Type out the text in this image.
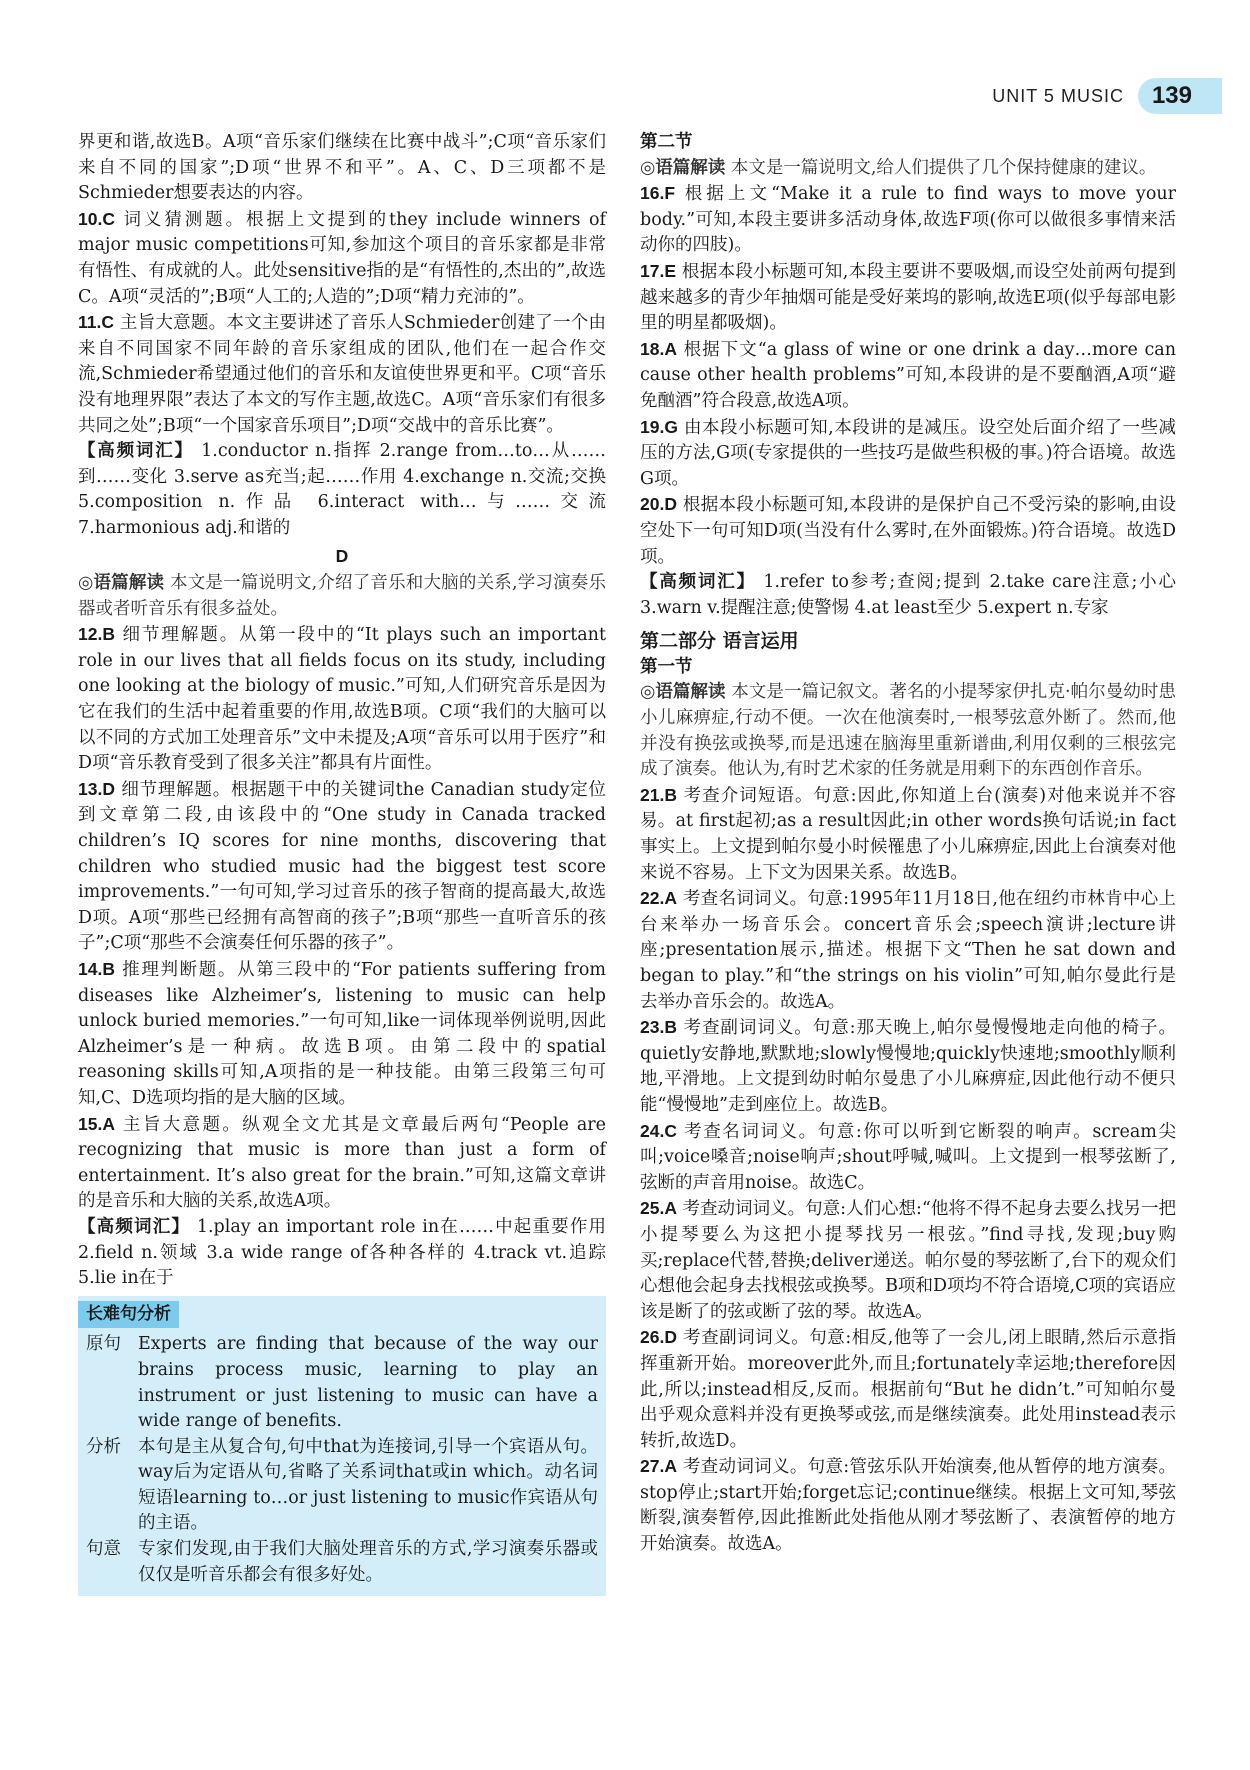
UNIT 5 MUSIC	139

界更和谐,故选B。A项“音乐家们继续在比赛中战斗”;C项“音乐家们来自不同的国家”;D项“世界不和平”。A、C、D三项都不是Schmieder想要表达的内容。

10.C 词义猜测题。根据上文提到的they include winners of major music competitions可知,参加这个项目的音乐家都是非常有悟性、有成就的人。此处sensitive指的是“有悟性的,杰出的”,故选C。A项“灵活的”;B项“人工的;人造的”;D项“精力充沛的”。

11.C 主旨大意题。本文主要讲述了音乐人Schmieder创建了一个由来自不同国家不同年龄的音乐家组成的团队,他们在一起合作交流,Schmieder希望通过他们的音乐和友谊使世界更和平。C项“音乐没有地理界限”表达了本文的写作主题,故选C。A项“音乐家们有很多共同之处”;B项“一个国家音乐项目”;D项“交战中的音乐比赛”。

【高频词汇】 1.conductor n.指挥 2.range from…to…从……到……变化 3.serve as充当;起……作用 4.exchange n.交流;交换 5.composition n.作品 6.interact with…与……交流 7.harmonious adj.和谐的

D

◎语篇解读 本文是一篇说明文,介绍了音乐和大脑的关系,学习演奏乐器或者听音乐有很多益处。

12.B 细节理解题。从第一段中的“It plays such an important role in our lives that all fields focus on its study, including one looking at the biology of music.”可知,人们研究音乐是因为它在我们的生活中起着重要的作用,故选B项。C项“我们的大脑可以以不同的方式加工处理音乐”文中未提及;A项“音乐可以用于医疗”和D项“音乐教育受到了很多关注”都具有片面性。

13.D 细节理解题。根据题干中的关键词the Canadian study定位到文章第二段,由该段中的“One study in Canada tracked children’s IQ scores for nine months, discovering that children who studied music had the biggest test score improvements.”一句可知,学习过音乐的孩子智商的提高最大,故选D项。A项“那些已经拥有高智商的孩子”;B项“那些一直听音乐的孩子”;C项“那些不会演奏任何乐器的孩子”。

14.B 推理判断题。从第三段中的“For patients suffering from diseases like Alzheimer’s, listening to music can help unlock buried memories.”一句可知,like一词体现举例说明,因此Alzheimer’s是一种病。故选B项。由第二段中的spatial reasoning skills可知,A项指的是一种技能。由第三段第三句可知,C、D选项均指的是大脑的区域。

15.A 主旨大意题。纵观全文尤其是文章最后两句“People are recognizing that music is more than just a form of entertainment. It’s also great for the brain.”可知,这篇文章讲的是音乐和大脑的关系,故选A项。

【高频词汇】 1.play an important role in在……中起重要作用 2.field n.领域 3.a wide range of各种各样的 4.track vt.追踪 5.lie in在于

长难句分析
原句 Experts are finding that because of the way our brains process music, learning to play an instrument or just listening to music can have a wide range of benefits.
分析 本句是主从复合句,句中that为连接词,引导一个宾语从句。way后为定语从句,省略了关系词that或in which。动名词短语learning to…or just listening to music作宾语从句的主语。
句意 专家们发现,由于我们大脑处理音乐的方式,学习演奏乐器或仅仅是听音乐都会有很多好处。

第二节

◎语篇解读 本文是一篇说明文,给人们提供了几个保持健康的建议。

16.F 根据上文“Make it a rule to find ways to move your body.”可知,本段主要讲多活动身体,故选F项(你可以做很多事情来活动你的四肢)。

17.E 根据本段小标题可知,本段主要讲不要吸烟,而设空处前两句提到越来越多的青少年抽烟可能是受好莱坞的影响,故选E项(似乎每部电影里的明星都吸烟)。

18.A 根据下文“a glass of wine or one drink a day…more can cause other health problems”可知,本段讲的是不要酗酒,A项“避免酗酒”符合段意,故选A项。

19.G 由本段小标题可知,本段讲的是减压。设空处后面介绍了一些减压的方法,G项(专家提供的一些技巧是做些积极的事。)符合语境。故选G项。

20.D 根据本段小标题可知,本段讲的是保护自己不受污染的影响,由设空处下一句可知D项(当没有什么雾时,在外面锻炼。)符合语境。故选D项。

【高频词汇】 1.refer to参考;查阅;提到 2.take care注意;小心 3.warn v.提醒注意;使警惕 4.at least至少 5.expert n.专家

第二部分 语言运用

第一节

◎语篇解读 本文是一篇记叙文。著名的小提琴家伊扎克·帕尔曼幼时患小儿麻痹症,行动不便。一次在他演奏时,一根琴弦意外断了。然而,他并没有换弦或换琴,而是迅速在脑海里重新谱曲,利用仅剩的三根弦完成了演奏。他认为,有时艺术家的任务就是用剩下的东西创作音乐。

21.B 考查介词短语。句意:因此,你知道上台(演奏)对他来说并不容易。at first起初;as a result因此;in other words换句话说;in fact事实上。上文提到帕尔曼小时候罹患了小儿麻痹症,因此上台演奏对他来说不容易。上下文为因果关系。故选B。

22.A 考查名词词义。句意:1995年11月18日,他在纽约市林肯中心上台来举办一场音乐会。concert音乐会;speech演讲;lecture讲座;presentation展示,描述。根据下文“Then he sat down and began to play.”和“the strings on his violin”可知,帕尔曼此行是去举办音乐会的。故选A。

23.B 考查副词词义。句意:那天晚上,帕尔曼慢慢地走向他的椅子。quietly安静地,默默地;slowly慢慢地;quickly快速地;smoothly顺利地,平滑地。上文提到幼时帕尔曼患了小儿麻痹症,因此他行动不便只能“慢慢地”走到座位上。故选B。

24.C 考查名词词义。句意:你可以听到它断裂的响声。scream尖叫;voice嗓音;noise响声;shout呼喊,喊叫。上文提到一根琴弦断了,弦断的声音用noise。故选C。

25.A 考查动词词义。句意:人们心想:“他将不得不起身去要么找另一把小提琴要么为这把小提琴找另一根弦。”find寻找,发现;buy购买;replace代替,替换;deliver递送。帕尔曼的琴弦断了,台下的观众们心想他会起身去找根弦或换琴。B项和D项均不符合语境,C项的宾语应该是断了的弦或断了弦的琴。故选A。

26.D 考查副词词义。句意:相反,他等了一会儿,闭上眼睛,然后示意指挥重新开始。moreover此外,而且;fortunately幸运地;therefore因此,所以;instead相反,反而。根据前句“But he didn’t.”可知帕尔曼出乎观众意料并没有更换琴或弦,而是继续演奏。此处用instead表示转折,故选D。

27.A 考查动词词义。句意:管弦乐队开始演奏,他从暂停的地方演奏。stop停止;start开始;forget忘记;continue继续。根据上文可知,琴弦断裂,演奏暂停,因此推断此处指他从刚才琴弦断了、表演暂停的地方开始演奏。故选A。
